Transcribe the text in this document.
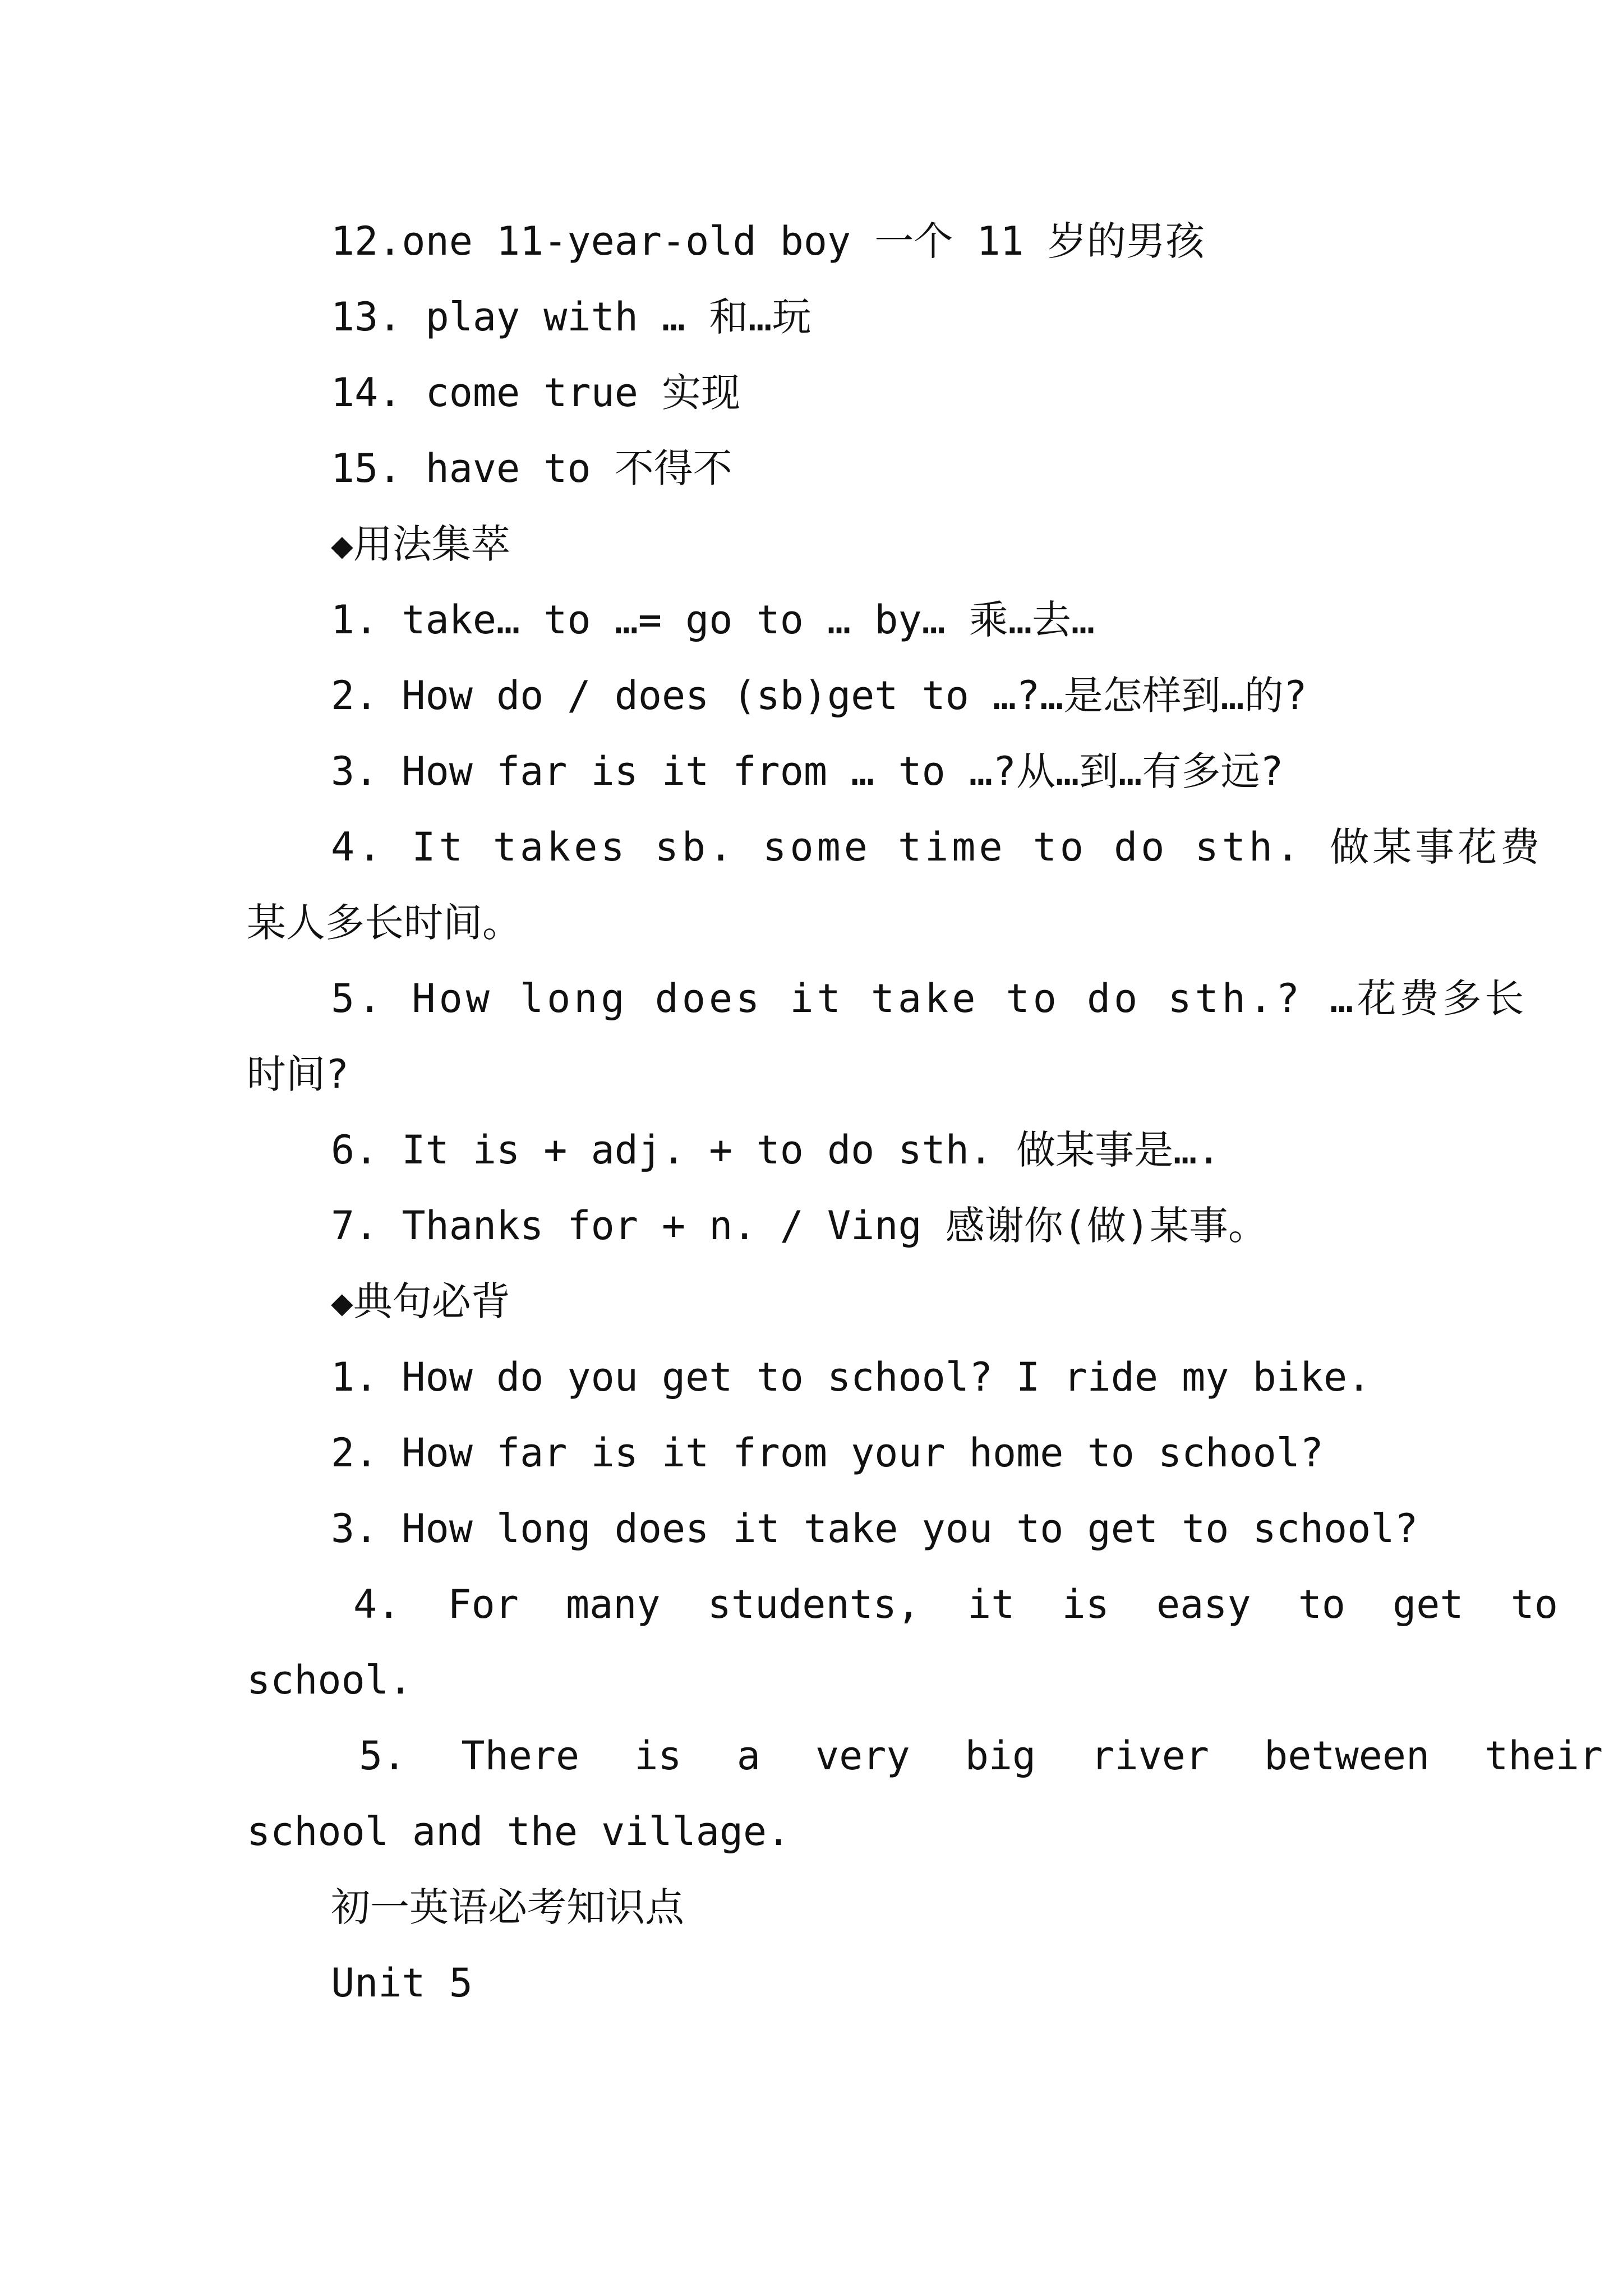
12.one 11-year-old boy 一个 11 岁的男孩
13. play with … 和…玩
14. come true 实现
15. have to 不得不
◆用法集萃
1. take… to …= go to … by… 乘…去…
2. How do / does (sb)get to …?…是怎样到…的?
3. How far is it from … to …?从…到…有多远?
4. It takes sb. some time to do sth. 做某事花费
某人多长时间。
5. How long does it take to do sth.? …花费多长
时间?
6. It is + adj. + to do sth. 做某事是….
7. Thanks for + n. / Ving 感谢你(做)某事。
◆典句必背
1. How do you get to school? I ride my bike.
2. How far is it from your home to school?
3. How long does it take you to get to school?
4. For many students, it is easy to get to
school.
5. There is a very big river between their
school and the village.
初一英语必考知识点
Unit 5
